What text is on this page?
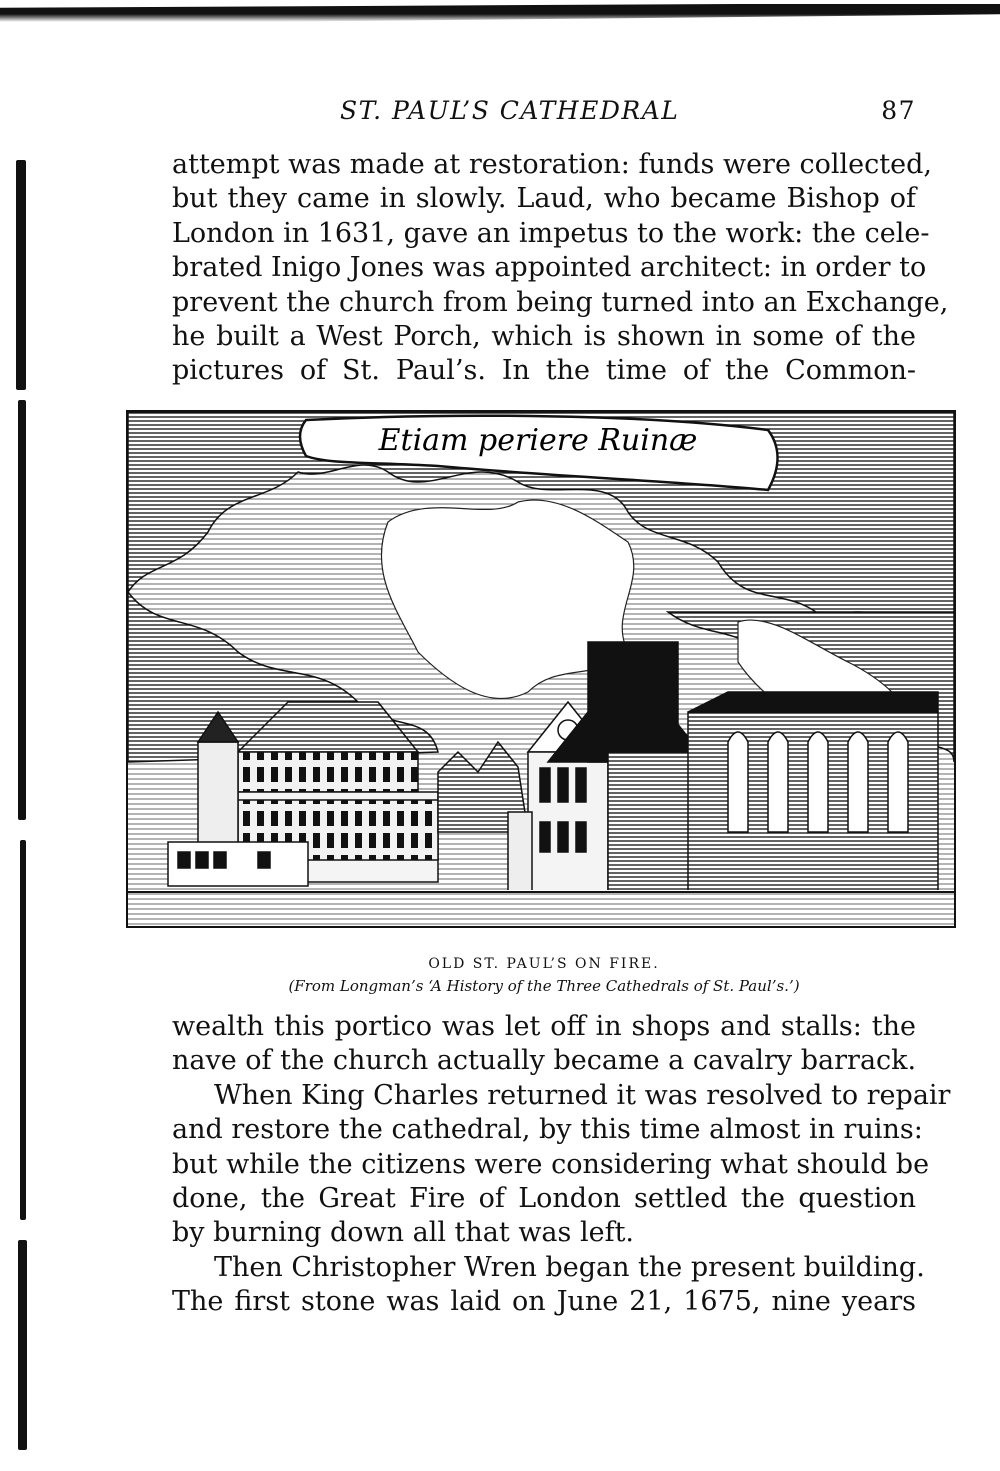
ST. PAUL’S CATHEDRAL	87

attempt was made at restoration: funds were collected,
but they came in slowly. Laud, who became Bishop of
London in 1631, gave an impetus to the work: the cele-
brated Inigo Jones was appointed architect: in order to
prevent the church from being turned into an Exchange,
he built a West Porch, which is shown in some of the
pictures of St. Paul’s. In the time of the Common-

Etiam periere Ruinæ
OLD ST. PAUL’S ON FIRE.
(From Longman’s ‘A History of the Three Cathedrals of St. Paul’s.’)

wealth this portico was let off in shops and stalls: the
nave of the church actually became a cavalry barrack.
When King Charles returned it was resolved to repair
and restore the cathedral, by this time almost in ruins:
but while the citizens were considering what should be
done, the Great Fire of London settled the question
by burning down all that was left.
Then Christopher Wren began the present building.
The first stone was laid on June 21, 1675, nine years
